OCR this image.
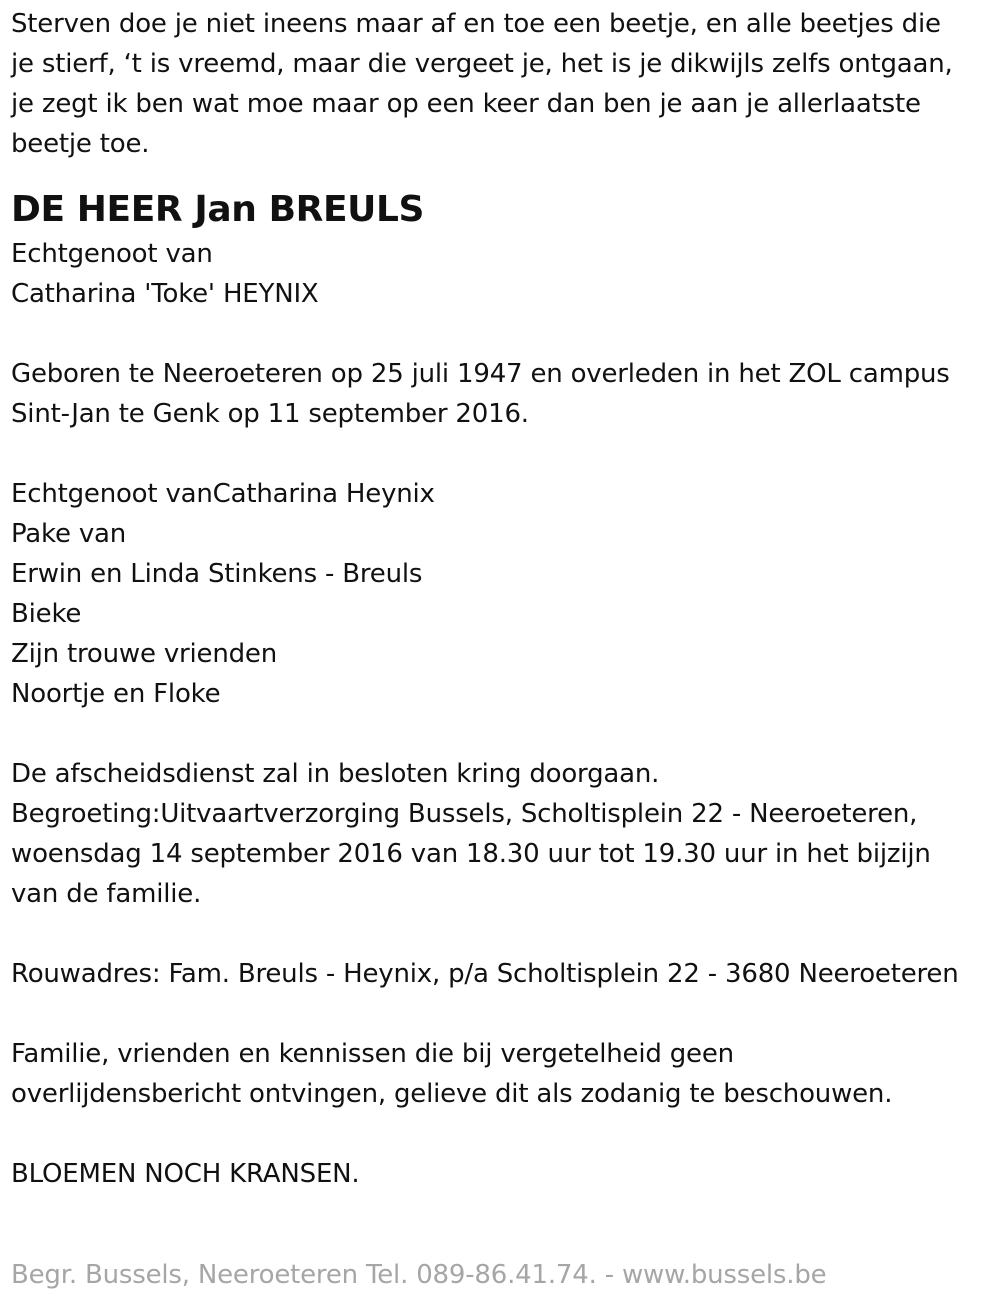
Sterven doe je niet ineens maar af en toe een beetje, en alle beetjes die
je stierf, ‘t is vreemd, maar die vergeet je, het is je dikwijls zelfs ontgaan,
je zegt ik ben wat moe maar op een keer dan ben je aan je allerlaatste
beetje toe.
DE HEER Jan BREULS
Echtgenoot van
Catharina 'Toke' HEYNIX
Geboren te Neeroeteren op 25 juli 1947 en overleden in het ZOL campus
Sint-Jan te Genk op 11 september 2016.
Echtgenoot vanCatharina Heynix
Pake van
Erwin en Linda Stinkens - Breuls
Bieke
Zijn trouwe vrienden
Noortje en Floke
De afscheidsdienst zal in besloten kring doorgaan.
Begroeting:Uitvaartverzorging Bussels, Scholtisplein 22 - Neeroeteren,
woensdag 14 september 2016 van 18.30 uur tot 19.30 uur in het bijzijn
van de familie.
Rouwadres: Fam. Breuls - Heynix, p/a Scholtisplein 22 - 3680 Neeroeteren
Familie, vrienden en kennissen die bij vergetelheid geen
overlijdensbericht ontvingen, gelieve dit als zodanig te beschouwen.
BLOEMEN NOCH KRANSEN.
Begr. Bussels, Neeroeteren Tel. 089-86.41.74. - www.bussels.be
